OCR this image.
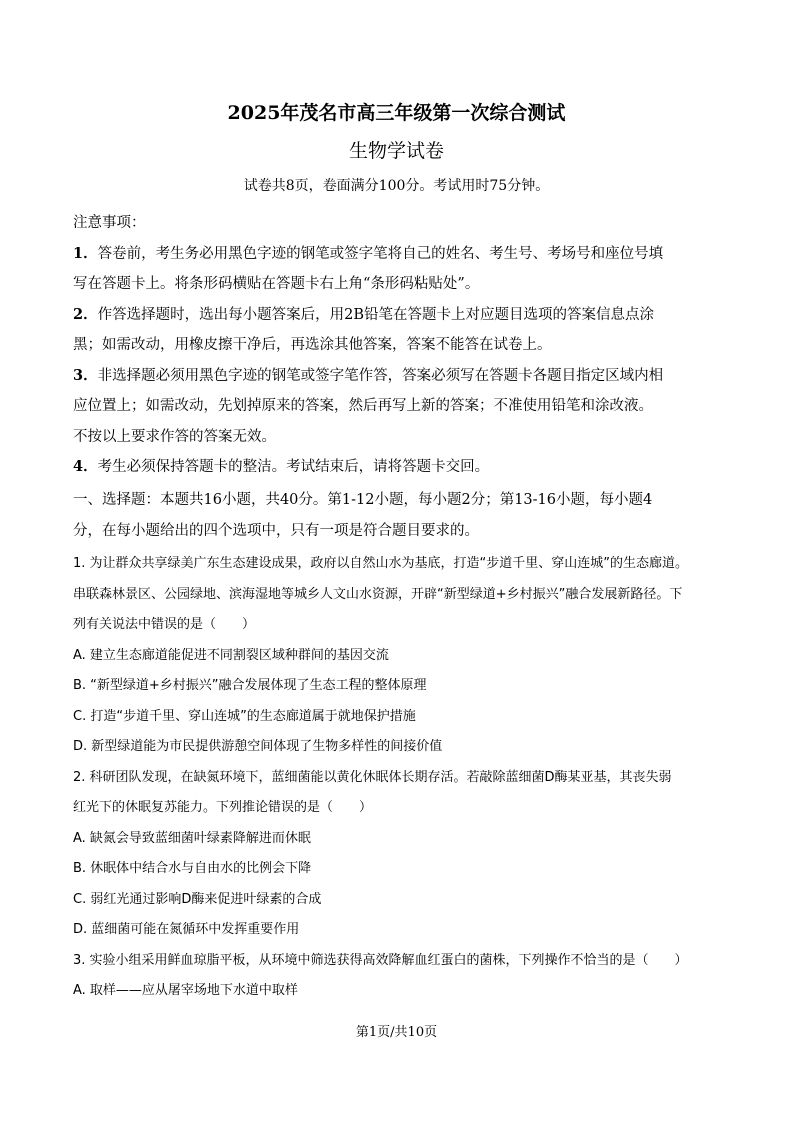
2025年茂名市高三年级第一次综合测试
生物学试卷
试卷共8页，卷面满分100分。考试用时75分钟。

注意事项：

1．答卷前，考生务必用黑色字迹的钢笔或签字笔将自己的姓名、考生号、考场号和座位号填

写在答题卡上。将条形码横贴在答题卡右上角“条形码粘贴处”。

2．作答选择题时，选出每小题答案后，用2B铅笔在答题卡上对应题目选项的答案信息点涂

黑；如需改动，用橡皮擦干净后，再选涂其他答案，答案不能答在试卷上。

3．非选择题必须用黑色字迹的钢笔或签字笔作答，答案必须写在答题卡各题目指定区域内相

应位置上；如需改动，先划掉原来的答案，然后再写上新的答案；不准使用铅笔和涂改液。

不按以上要求作答的答案无效。

4．考生必须保持答题卡的整洁。考试结束后，请将答题卡交回。

一、选择题：本题共16小题，共40分。第1-12小题，每小题2分；第13-16小题，每小题4

分，在每小题给出的四个选项中，只有一项是符合题目要求的。

1. 为让群众共享绿美广东生态建设成果，政府以自然山水为基底，打造“步道千里、穿山连城”的生态廊道。

串联森林景区、公园绿地、滨海湿地等城乡人文山水资源，开辟“新型绿道+乡村振兴”融合发展新路径。下

列有关说法中错误的是（　　）

A. 建立生态廊道能促进不同割裂区域种群间的基因交流

B. “新型绿道+乡村振兴”融合发展体现了生态工程的整体原理

C. 打造“步道千里、穿山连城”的生态廊道属于就地保护措施

D. 新型绿道能为市民提供游憩空间体现了生物多样性的间接价值

2. 科研团队发现，在缺氮环境下，蓝细菌能以黄化休眠体长期存活。若敲除蓝细菌D酶某亚基，其丧失弱

红光下的休眠复苏能力。下列推论错误的是（　　）

A. 缺氮会导致蓝细菌叶绿素降解进而休眠

B. 休眠体中结合水与自由水的比例会下降

C. 弱红光通过影响D酶来促进叶绿素的合成

D. 蓝细菌可能在氮循环中发挥重要作用

3. 实验小组采用鲜血琼脂平板，从环境中筛选获得高效降解血红蛋白的菌株，下列操作不恰当的是（　　）

A. 取样——应从屠宰场地下水道中取样

第1页/共10页
